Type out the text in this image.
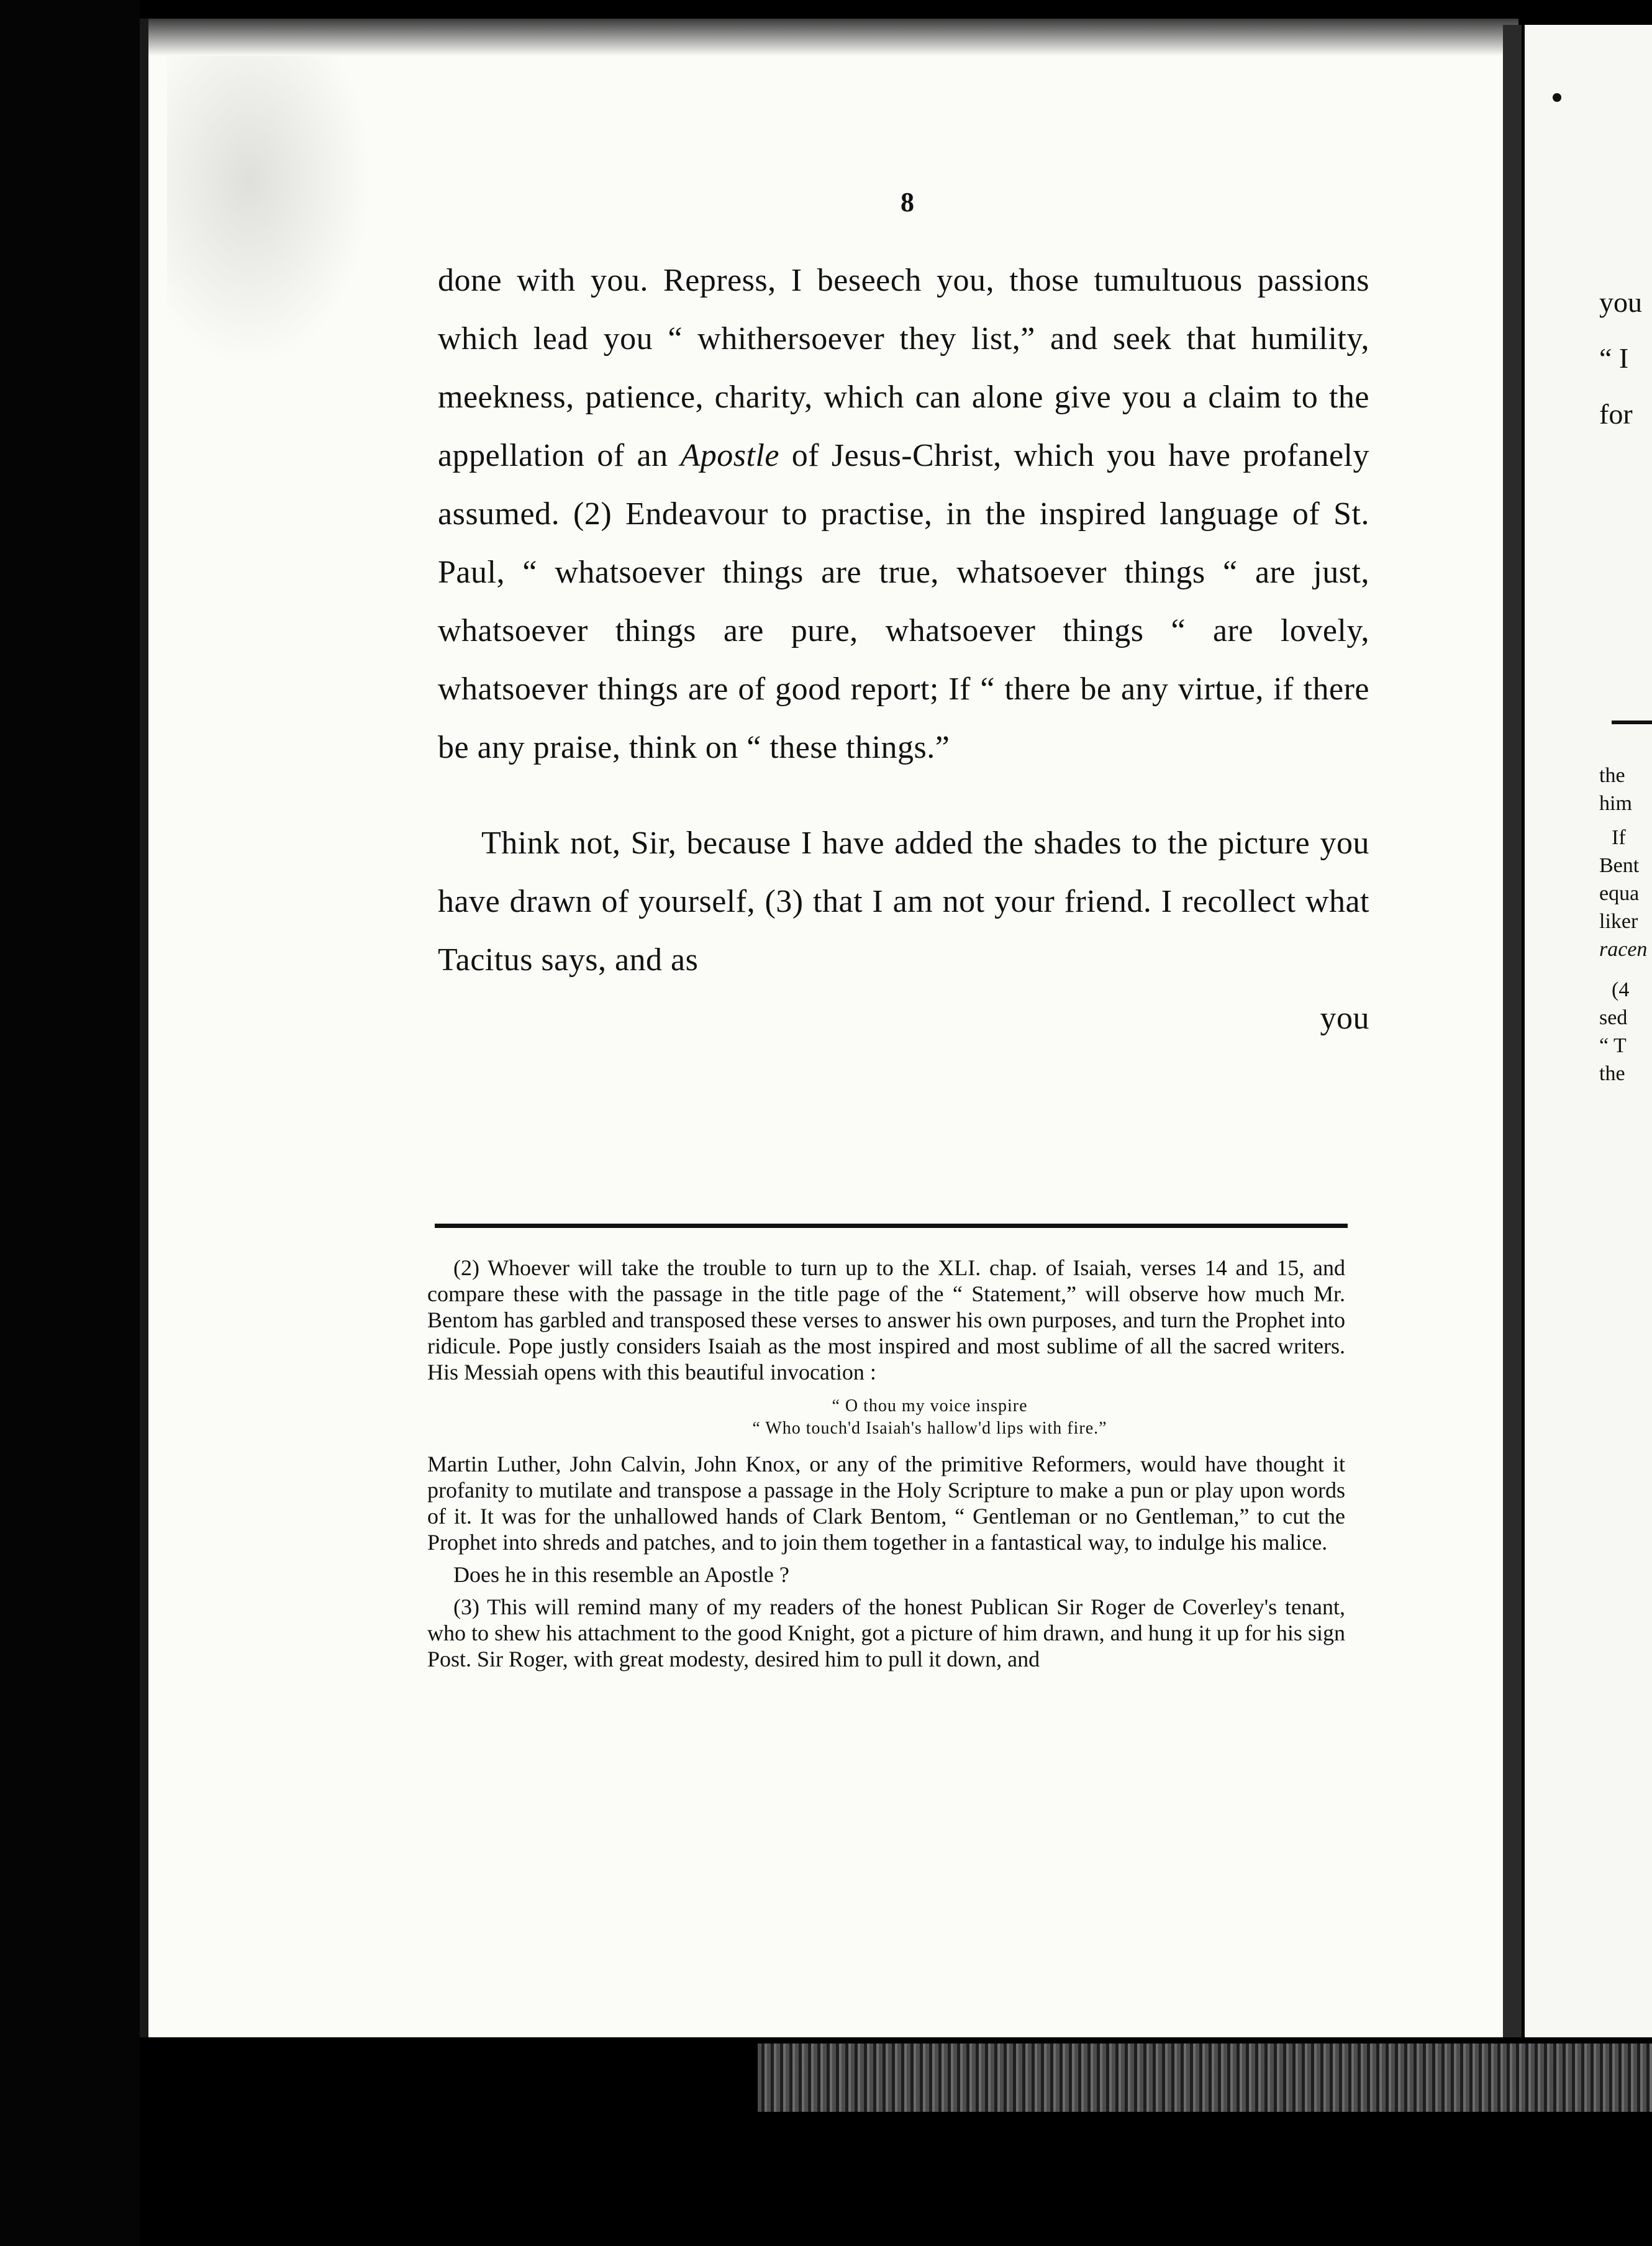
8

done with you. Repress, I beseech you, those tumultuous passions which lead you “ whithersoever they list,” and seek that humility, meekness, patience, charity, which can alone give you a claim to the appellation of an Apostle of Jesus-Christ, which you have profanely assumed. (2) Endeavour to practise, in the inspired language of St. Paul, “ whatsoever things are true, whatsoever things “ are just, whatsoever things are pure, whatsoever things “ are lovely, whatsoever things are of good report; If “ there be any virtue, if there be any praise, think on “ these things.”

Think not, Sir, because I have added the shades to the picture you have drawn of yourself, (3) that I am not your friend. I recollect what Tacitus says, and as

you

(2) Whoever will take the trouble to turn up to the XLI. chap. of Isaiah, verses 14 and 15, and compare these with the passage in the title page of the “ Statement,” will observe how much Mr. Bentom has garbled and transposed these verses to answer his own purposes, and turn the Prophet into ridicule. Pope justly considers Isaiah as the most inspired and most sublime of all the sacred writers. His Messiah opens with this beautiful invocation :

“ O thou my voice inspire
“ Who touch'd Isaiah's hallow'd lips with fire.”

Martin Luther, John Calvin, John Knox, or any of the primitive Reformers, would have thought it profanity to mutilate and transpose a passage in the Holy Scripture to make a pun or play upon words of it. It was for the unhallowed hands of Clark Bentom, “ Gentleman or no Gentleman,” to cut the Prophet into shreds and patches, and to join them together in a fantastical way, to indulge his malice.

Does he in this resemble an Apostle ?

(3) This will remind many of my readers of the honest Publican Sir Roger de Coverley's tenant, who to shew his attachment to the good Knight, got a picture of him drawn, and hung it up for his sign Post. Sir Roger, with great modesty, desired him to pull it down, and

you
“ I
for
the
him
If
Bent
equa
liker
racen
(4
sed
“ T
the
